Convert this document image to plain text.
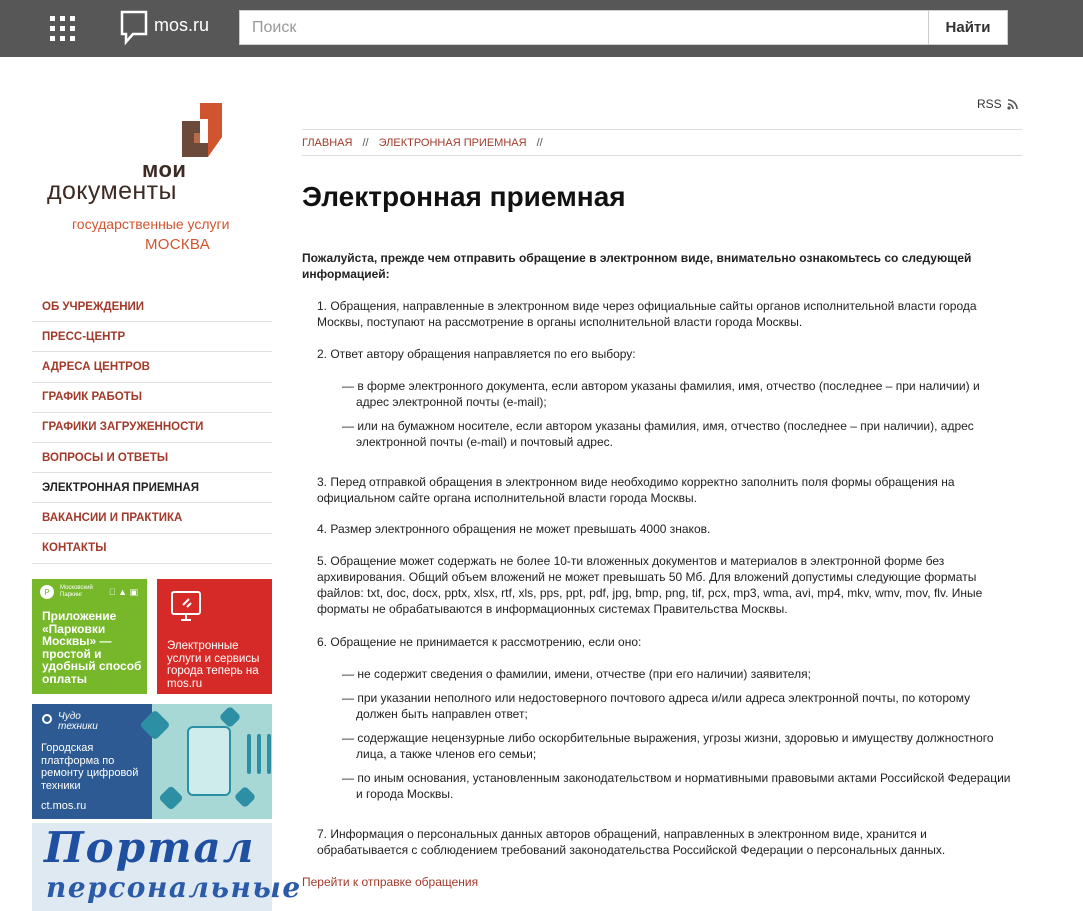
mos.ru
Поиск	Найти
мои
документы
государственные услуги
МОСКВА
ОБ УЧРЕЖДЕНИИ
ПРЕСС-ЦЕНТР
АДРЕСА ЦЕНТРОВ
ГРАФИК РАБОТЫ
ГРАФИКИ ЗАГРУЖЕННОСТИ
ВОПРОСЫ И ОТВЕТЫ
ЭЛЕКТРОННАЯ ПРИЕМНАЯ
ВАКАНСИИ И ПРАКТИКА
КОНТАКТЫ
P	Московский
Паркинг	▲ ▣
Приложение «Парковки Москвы» — простой и удобный способ оплаты
Электронные услуги и сервисы города теперь на mos.ru
Чудо
техники
Городская платформа по ремонту цифровой техники
ct.mos.ru
Портал
персональные
RSS
ГЛАВНАЯ // ЭЛЕКТРОННАЯ ПРИЕМНАЯ //
Электронная приемная

Пожалуйста, прежде чем отправить обращение в электронном виде, внимательно ознакомьтесь со следующей информацией:

1. Обращения, направленные в электронном виде через официальные сайты органов исполнительной власти города Москвы, поступают на рассмотрение в органы исполнительной власти города Москвы.

2. Ответ автору обращения направляется по его выбору:

— в форме электронного документа, если автором указаны фамилия, имя, отчество (последнее – при наличии) и адрес электронной почты (e-mail);

— или на бумажном носителе, если автором указаны фамилия, имя, отчество (последнее – при наличии), адрес электронной почты (e-mail) и почтовый адрес.

3. Перед отправкой обращения в электронном виде необходимо корректно заполнить поля формы обращения на официальном сайте органа исполнительной власти города Москвы.

4. Размер электронного обращения не может превышать 4000 знаков.

5. Обращение может содержать не более 10-ти вложенных документов и материалов в электронной форме без архивирования. Общий объем вложений не может превышать 50 Мб. Для вложений допустимы следующие форматы файлов: txt, doc, docx, pptx, xlsx, rtf, xls, pps, ppt, pdf, jpg, bmp, png, tif, pcx, mp3, wma, avi, mp4, mkv, wmv, mov, flv. Иные форматы не обрабатываются в информационных системах Правительства Москвы.

6. Обращение не принимается к рассмотрению, если оно:

— не содержит сведения о фамилии, имени, отчестве (при его наличии) заявителя;

— при указании неполного или недостоверного почтового адреса и/или адреса электронной почты, по которому должен быть направлен ответ;

— содержащие нецензурные либо оскорбительные выражения, угрозы жизни, здоровью и имуществу должностного лица, а также членов его семьи;

— по иным основания, установленным законодательством и нормативными правовыми актами Российской Федерации и города Москвы.

7. Информация о персональных данных авторов обращений, направленных в электронном виде, хранится и обрабатывается с соблюдением требований законодательства Российской Федерации о персональных данных.

Перейти к отправке обращения
